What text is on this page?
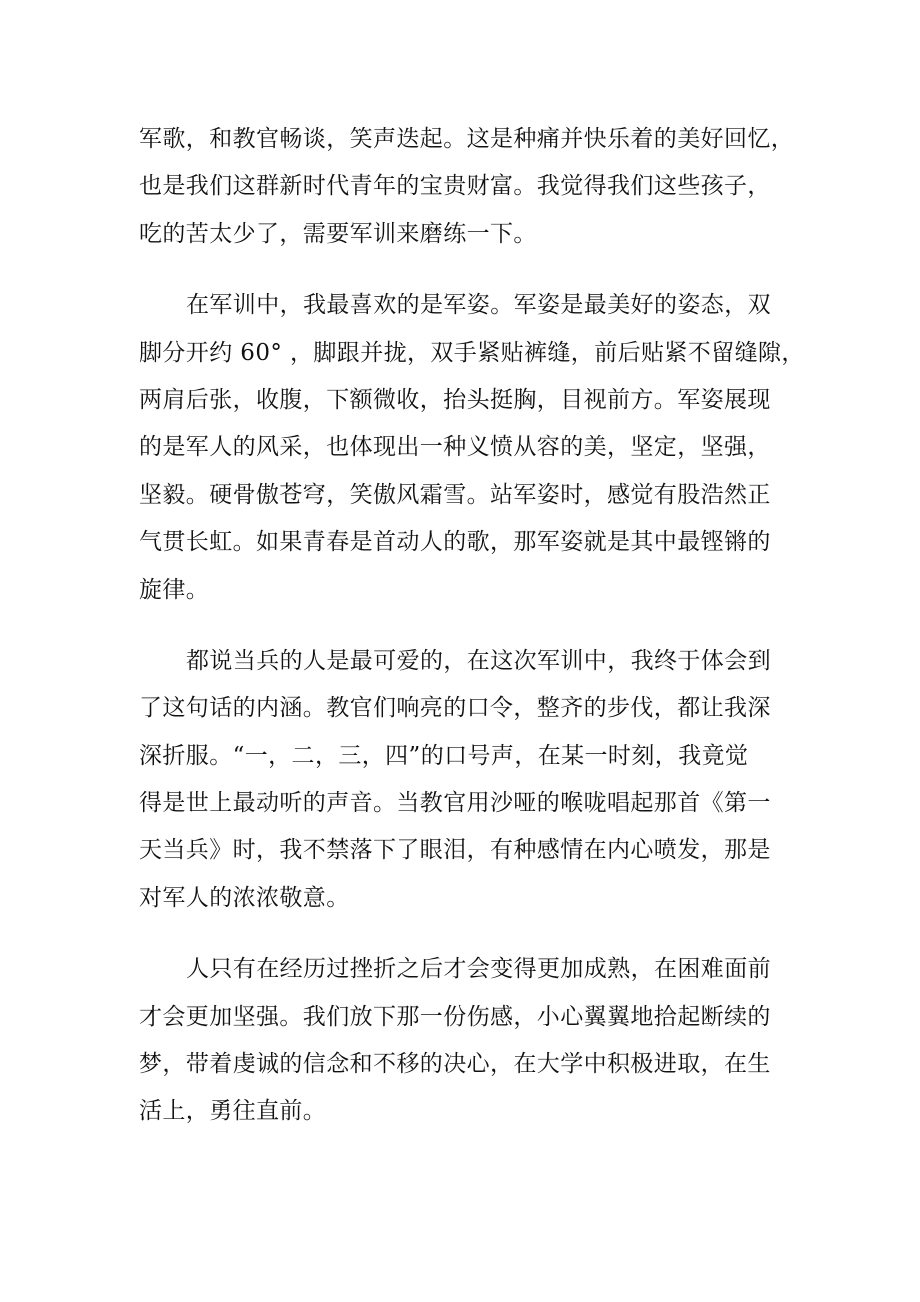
军歌，和教官畅谈，笑声迭起。这是种痛并快乐着的美好回忆，
也是我们这群新时代青年的宝贵财富。我觉得我们这些孩子，
吃的苦太少了，需要军训来磨练一下。

在军训中，我最喜欢的是军姿。军姿是最美好的姿态，双
脚分开约 60° ，脚跟并拢，双手紧贴裤缝，前后贴紧不留缝隙，
两肩后张，收腹，下额微收，抬头挺胸，目视前方。军姿展现
的是军人的风采，也体现出一种义愤从容的美，坚定，坚强，
坚毅。硬骨傲苍穹，笑傲风霜雪。站军姿时，感觉有股浩然正
气贯长虹。如果青春是首动人的歌，那军姿就是其中最铿锵的
旋律。

都说当兵的人是最可爱的，在这次军训中，我终于体会到
了这句话的内涵。教官们响亮的口令，整齐的步伐，都让我深
深折服。“一，二，三，四”的口号声，在某一时刻，我竟觉
得是世上最动听的声音。当教官用沙哑的喉咙唱起那首《第一
天当兵》时，我不禁落下了眼泪，有种感情在内心喷发，那是
对军人的浓浓敬意。

人只有在经历过挫折之后才会变得更加成熟，在困难面前
才会更加坚强。我们放下那一份伤感，小心翼翼地拾起断续的
梦，带着虔诚的信念和不移的决心，在大学中积极进取，在生
活上，勇往直前。
